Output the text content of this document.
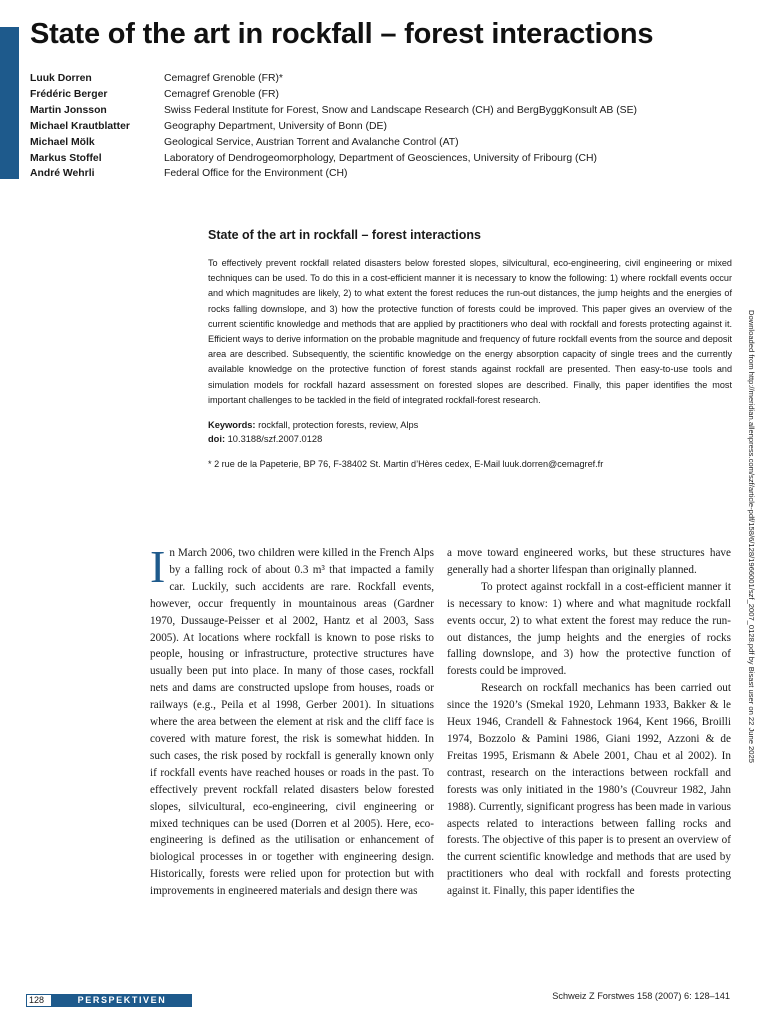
State of the art in rockfall – forest interactions
Luuk Dorren	Cemagref Grenoble (FR)*
Frédéric Berger	Cemagref Grenoble (FR)
Martin Jonsson	Swiss Federal Institute for Forest, Snow and Landscape Research (CH) and BergByggKonsult AB (SE)
Michael Krautblatter	Geography Department, University of Bonn (DE)
Michael Mölk	Geological Service, Austrian Torrent and Avalanche Control (AT)
Markus Stoffel	Laboratory of Dendrogeomorphology, Department of Geosciences, University of Fribourg (CH)
André Wehrli	Federal Office for the Environment (CH)
State of the art in rockfall – forest interactions

To effectively prevent rockfall related disasters below forested slopes, silvicultural, eco-engineering, civil engineering or mixed techniques can be used. To do this in a cost-efficient manner it is necessary to know the following: 1) where rockfall events occur and which magnitudes are likely, 2) to what extent the forest reduces the run-out distances, the jump heights and the energies of rocks falling downslope, and 3) how the protective function of forests could be improved. This paper gives an overview of the current scientific knowledge and methods that are applied by practitioners who deal with rockfall and forests protecting against it. Efficient ways to derive information on the probable magnitude and frequency of future rockfall events from the source and deposit area are described. Subsequently, the scientific knowledge on the energy absorption capacity of single trees and the currently available knowledge on the protective function of forest stands against rockfall are presented. Then easy-to-use tools and simulation models for rockfall hazard assessment on forested slopes are described. Finally, this paper identifies the most important challenges to be tackled in the field of integrated rockfall-forest research.

Keywords: rockfall, protection forests, review, Alps
doi: 10.3188/szf.2007.0128
* 2 rue de la Papeterie, BP 76, F-38402 St. Martin d’Hères cedex, E-Mail luuk.dorren@cemagref.fr	Downloaded from http://meridian.allenpress.com/szf/article-pdf/158/6/128/1966001/szf_2007_0128.pdf by Bisast user on 22 June 2025

In March 2006, two children were killed in the French Alps by a falling rock of about 0.3 m³ that impacted a family car. Luckily, such accidents are rare. Rockfall events, however, occur frequently in mountainous areas (Gardner 1970, Dussauge-Peisser et al 2002, Hantz et al 2003, Sass 2005). At locations where rockfall is known to pose risks to people, housing or infrastructure, protective structures have usually been put into place. In many of those cases, rockfall nets and dams are constructed upslope from houses, roads or railways (e.g., Peila et al 1998, Gerber 2001). In situations where the area between the element at risk and the cliff face is covered with mature forest, the risk is somewhat hidden. In such cases, the risk posed by rockfall is generally known only if rockfall events have reached houses or roads in the past. To effectively prevent rockfall related disasters below forested slopes, silvicultural, eco-engineering, civil engineering or mixed techniques can be used (Dorren et al 2005). Here, eco-engineering is defined as the utilisation or enhancement of biological processes in or together with engineering design. Historically, forests were relied upon for protection but with improvements in engineered materials and design there was

a move toward engineered works, but these structures have generally had a shorter lifespan than originally planned.

To protect against rockfall in a cost-efficient manner it is necessary to know: 1) where and what magnitude rockfall events occur, 2) to what extent the forest may reduce the run-out distances, the jump heights and the energies of rocks falling downslope, and 3) how the protective function of forests could be improved.

Research on rockfall mechanics has been carried out since the 1920’s (Smekal 1920, Lehmann 1933, Bakker & le Heux 1946, Crandell & Fahnestock 1964, Kent 1966, Broilli 1974, Bozzolo & Pamini 1986, Giani 1992, Azzoni & de Freitas 1995, Erismann & Abele 2001, Chau et al 2002). In contrast, research on the interactions between rockfall and forests was only initiated in the 1980’s (Couvreur 1982, Jahn 1988). Currently, significant progress has been made in various aspects related to interactions between falling rocks and forests. The objective of this paper is to present an overview of the current scientific knowledge and methods that are used by practitioners who deal with rockfall and forests protecting against it. Finally, this paper identifies the

128	PERSPEKTIVEN	Schweiz Z Forstwes 158 (2007) 6: 128–141
